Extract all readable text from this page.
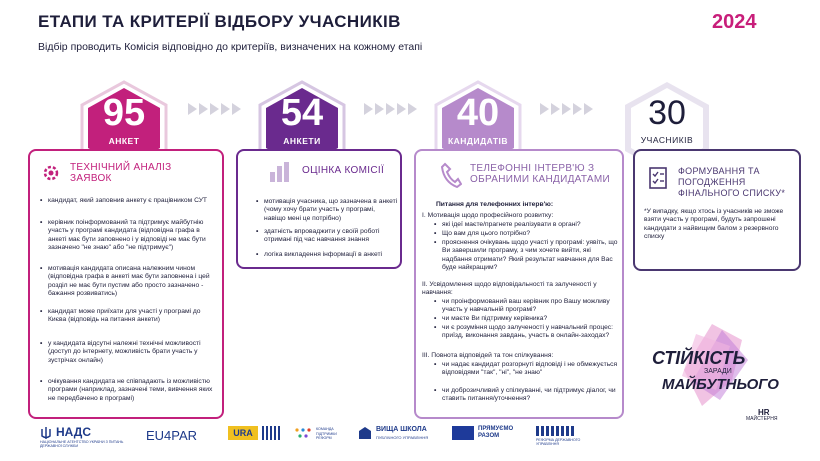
ЕТАПИ ТА КРИТЕРІЇ ВІДБОРУ УЧАСНИКІВ	2024
Відбір проводить Комісія відповідно до критеріїв, визначених на кожному етапі
95
АНКЕТ
54
АНКЕТИ
40
КАНДИДАТІВ
30
УЧАСНИКІВ
ТЕХНІЧНИЙ АНАЛІЗ ЗАЯВОК
• кандидат, який заповнив анкету є працівником СУТ
• керівник поінформований та підтримує майбутнію участь у програмі кандидата (відповідна графа в анкеті має бути заповнено і у відповіді не має бути зазначено "не знаю" або "не підтримує")
• мотивація кандидата описана належним чином (відповідна графа в анкеті має бути заповнена і цей розділ не має бути пустим або просто зазначено - бажання розвиватись)
• кандидат може приїхати для участі у програмі до Києва (відповідь на питання анкети)
• у кандидата відсутні належні технічні можливості (доступ до інтернету, можливість брати участь у зустрічах онлайн)
• очікування кандидата не співпадають із можливістю програми (наприклад, зазначені теми, вивчення яких не передбачено в програмі)
ОЦІНКА КОМІСІЇ
• мотивація учасника, що зазначена в анкеті (чому хочу брати участь у програмі, навіщо мені це потрібно)
• здатність впроваджити у своїй роботі отримані під час навчання знання
• логіка викладення інформації в анкеті
ТЕЛЕФОННІ ІНТЕРВ'Ю З ОБРАНИМИ КАНДИДАТАМИ
Питання для телефонних інтерв'ю:
I. Мотивація щодо професійного розвитку:
• які ідеї маєте/прагнете реалізувати в органі?
• Що вам для цього потрібно?
• прояснення очікувань щодо участі у програмі: уявіть, що Ви завершили програму, з чим хочете вийти, які надбання отримати? Який результат навчання для Вас буде найкращим?
II. Усвідомлення щодо відповідальності та залученості у навчання:
• чи проінформований ваш керівник про Вашу можливу участь у навчальній програмі?
• чи маєте Ви підтримку керівника?
• чи є розуміння щодо залученості у навчальний процес: приїзд, виконання завдань, участь в онлайн-заходах?
III. Повнота відповідей та тон спілкування:
• чи надає кандидат розгорнуті відповіді і не обмежується відповідями "так", "ні", "не знаю"
• чи доброзичливий у спілкуванні, чи підтримує діалог, чи ставить питання/уточнення?
ФОРМУВАННЯ ТА ПОГОДЖЕННЯ ФІНАЛЬНОГО СПИСКУ*
*У випадку, якщо хтось із учасників не зможе взяти участь у програмі, будуть запрошені кандидати з найвищим балом з резервного списку
СТІЙКІСТЬ
ЗАРАДИ
МАЙБУТНЬОГО
HR
МАЙСТЕРНЯ
НАДС
НАЦІОНАЛЬНЕ АГЕНТСТВО УКРАЇНИ З ПИТАНЬ ДЕРЖАВНОЇ СЛУЖБИ
EU4PAR	URA	КОМАНДА ПІДТРИМКИ РЕФОРМ
ВИЩА ШКОЛА
ПУБЛІЧНОГО УПРАВЛІННЯ
ПРЯМУЄМО РАЗОМ
РЕФОРМА ДЕРЖАВНОГО УПРАВЛІННЯ
